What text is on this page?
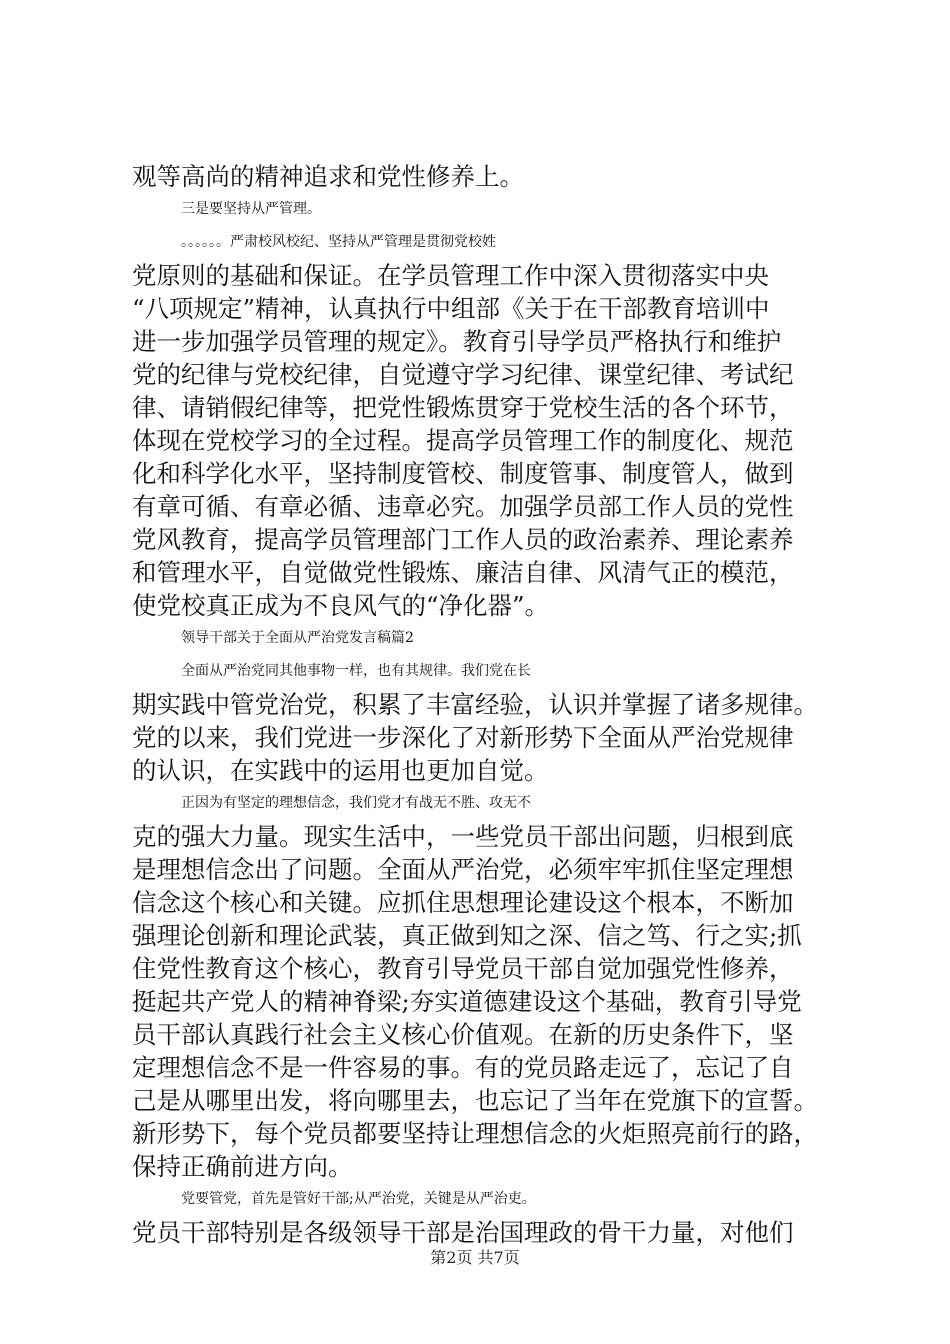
观等高尚的精神追求和党性修养上。
三是要坚持从严管理。
。。。。。。严肃校风校纪、坚持从严管理是贯彻党校姓
党原则的基础和保证。在学员管理工作中深入贯彻落实中央
“八项规定”精神，认真执行中组部《关于在干部教育培训中
进一步加强学员管理的规定》。教育引导学员严格执行和维护
党的纪律与党校纪律，自觉遵守学习纪律、课堂纪律、考试纪
律、请销假纪律等，把党性锻炼贯穿于党校生活的各个环节，
体现在党校学习的全过程。提高学员管理工作的制度化、规范
化和科学化水平，坚持制度管校、制度管事、制度管人，做到
有章可循、有章必循、违章必究。加强学员部工作人员的党性
党风教育，提高学员管理部门工作人员的政治素养、理论素养
和管理水平，自觉做党性锻炼、廉洁自律、风清气正的模范，
使党校真正成为不良风气的“净化器”。
领导干部关于全面从严治党发言稿篇2
全面从严治党同其他事物一样，也有其规律。我们党在长
期实践中管党治党，积累了丰富经验，认识并掌握了诸多规律。
党的以来，我们党进一步深化了对新形势下全面从严治党规律
的认识，在实践中的运用也更加自觉。
正因为有坚定的理想信念，我们党才有战无不胜、攻无不
克的强大力量。现实生活中，一些党员干部出问题，归根到底
是理想信念出了问题。全面从严治党，必须牢牢抓住坚定理想
信念这个核心和关键。应抓住思想理论建设这个根本，不断加
强理论创新和理论武装，真正做到知之深、信之笃、行之实;抓
住党性教育这个核心，教育引导党员干部自觉加强党性修养，
挺起共产党人的精神脊梁;夯实道德建设这个基础，教育引导党
员干部认真践行社会主义核心价值观。在新的历史条件下，坚
定理想信念不是一件容易的事。有的党员路走远了，忘记了自
己是从哪里出发，将向哪里去，也忘记了当年在党旗下的宣誓。
新形势下，每个党员都要坚持让理想信念的火炬照亮前行的路，
保持正确前进方向。
党要管党，首先是管好干部;从严治党，关键是从严治吏。
党员干部特别是各级领导干部是治国理政的骨干力量，对他们
第2页 共7页
